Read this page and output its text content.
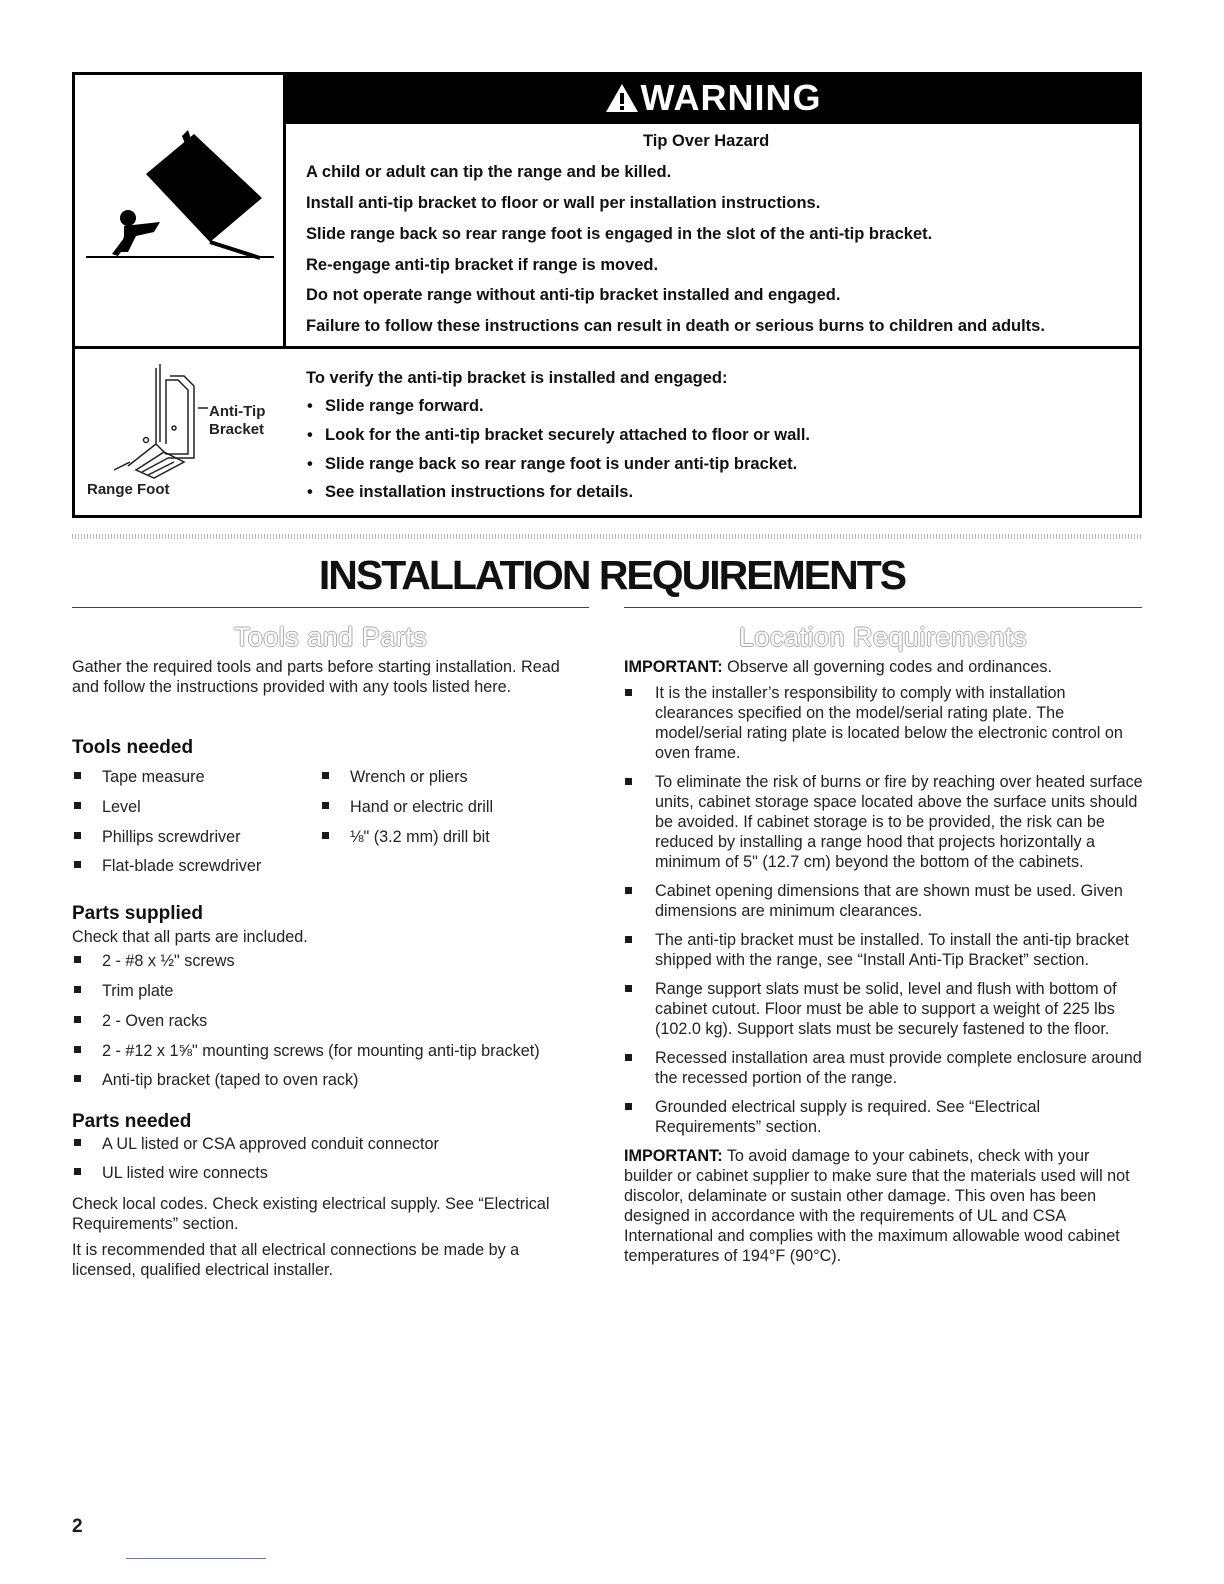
WARNING
Tip Over Hazard
A child or adult can tip the range and be killed.
Install anti-tip bracket to floor or wall per installation instructions.
Slide range back so rear range foot is engaged in the slot of the anti-tip bracket.
Re-engage anti-tip bracket if range is moved.
Do not operate range without anti-tip bracket installed and engaged.
Failure to follow these instructions can result in death or serious burns to children and adults.
Anti-Tip
Bracket
Range Foot
To verify the anti-tip bracket is installed and engaged:
• Slide range forward.
• Look for the anti-tip bracket securely attached to floor or wall.
• Slide range back so rear range foot is under anti-tip bracket.
• See installation instructions for details.
INSTALLATION REQUIREMENTS
Tools and Parts
Gather the required tools and parts before starting installation. Read and follow the instructions provided with any tools listed here.
Tools needed
Tape measure
Level
Phillips screwdriver
Flat-blade screwdriver
Wrench or pliers
Hand or electric drill
⅛" (3.2 mm) drill bit
Parts supplied
Check that all parts are included.
2 - #8 x ½" screws
Trim plate
2 - Oven racks
2 - #12 x 1⅝" mounting screws (for mounting anti-tip bracket)
Anti-tip bracket (taped to oven rack)
Parts needed
A UL listed or CSA approved conduit connector
UL listed wire connects
Check local codes. Check existing electrical supply. See “Electrical Requirements” section.
It is recommended that all electrical connections be made by a licensed, qualified electrical installer.
Location Requirements
IMPORTANT: Observe all governing codes and ordinances.
It is the installer’s responsibility to comply with installation clearances specified on the model/serial rating plate. The model/serial rating plate is located below the electronic control on oven frame.
To eliminate the risk of burns or fire by reaching over heated surface units, cabinet storage space located above the surface units should be avoided. If cabinet storage is to be provided, the risk can be reduced by installing a range hood that projects horizontally a minimum of 5" (12.7 cm) beyond the bottom of the cabinets.
Cabinet opening dimensions that are shown must be used. Given dimensions are minimum clearances.
The anti-tip bracket must be installed. To install the anti-tip bracket shipped with the range, see “Install Anti-Tip Bracket” section.
Range support slats must be solid, level and flush with bottom of cabinet cutout. Floor must be able to support a weight of 225 lbs (102.0 kg). Support slats must be securely fastened to the floor.
Recessed installation area must provide complete enclosure around the recessed portion of the range.
Grounded electrical supply is required. See “Electrical Requirements” section.
IMPORTANT: To avoid damage to your cabinets, check with your builder or cabinet supplier to make sure that the materials used will not discolor, delaminate or sustain other damage. This oven has been designed in accordance with the requirements of UL and CSA International and complies with the maximum allowable wood cabinet temperatures of 194°F (90°C).
2
